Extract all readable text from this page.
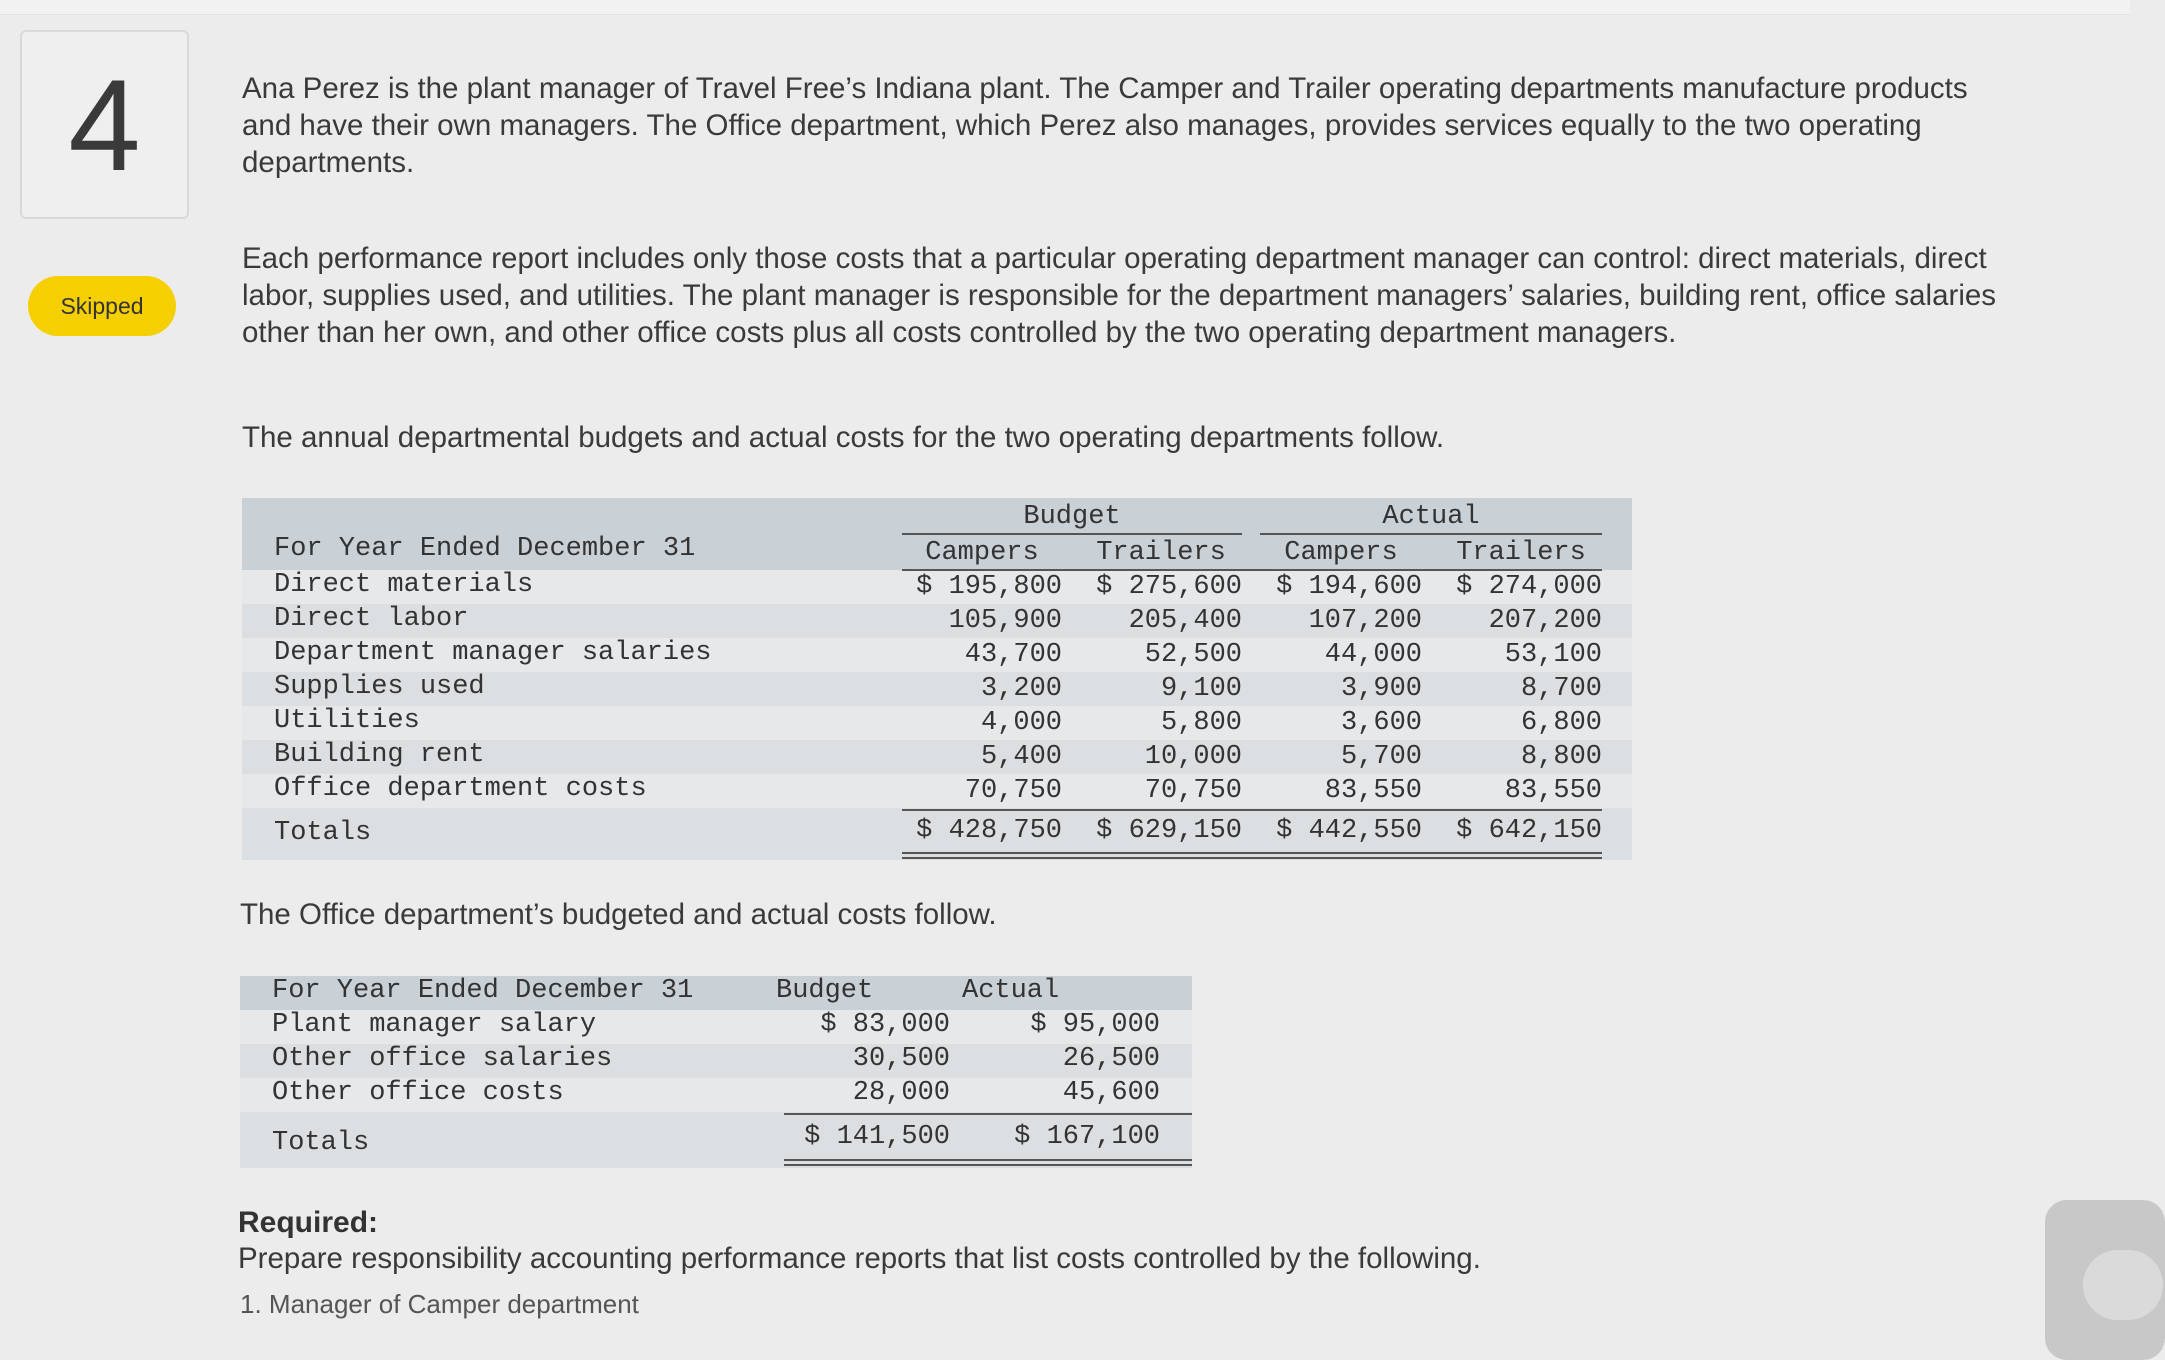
4
Skipped

Ana Perez is the plant manager of Travel Free’s Indiana plant. The Camper and Trailer operating departments manufacture products and have their own managers. The Office department, which Perez also manages, provides services equally to the two operating departments.

Each performance report includes only those costs that a particular operating department manager can control: direct materials, direct labor, supplies used, and utilities. The plant manager is responsible for the department managers’ salaries, building rent, office salaries other than her own, and other office costs plus all costs controlled by the two operating department managers.

The annual departmental budgets and actual costs for the two operating departments follow.

The Office department’s budgeted and actual costs follow.

Budget	Actual
For Year Ended December 31	Campers	Trailers	Campers	Trailers
Direct materials	$ 195,800	$ 275,600	$ 194,600	$ 274,000
Direct labor	105,900	205,400	107,200	207,200
Department manager salaries	43,700	52,500	44,000	53,100
Supplies used	3,200	9,100	3,900	8,700
Utilities	4,000	5,800	3,600	6,800
Building rent	5,400	10,000	5,700	8,800
Office department costs	70,750	70,750	83,550	83,550
Totals	$ 428,750	$ 629,150	$ 442,550	$ 642,150
For Year Ended December 31	Budget	Actual
Plant manager salary	$ 83,000	$ 95,000
Other office salaries	30,500	26,500
Other office costs	28,000	45,600
Totals	$ 141,500	$ 167,100
Required:
Prepare responsibility accounting performance reports that list costs controlled by the following.
1. Manager of Camper department
